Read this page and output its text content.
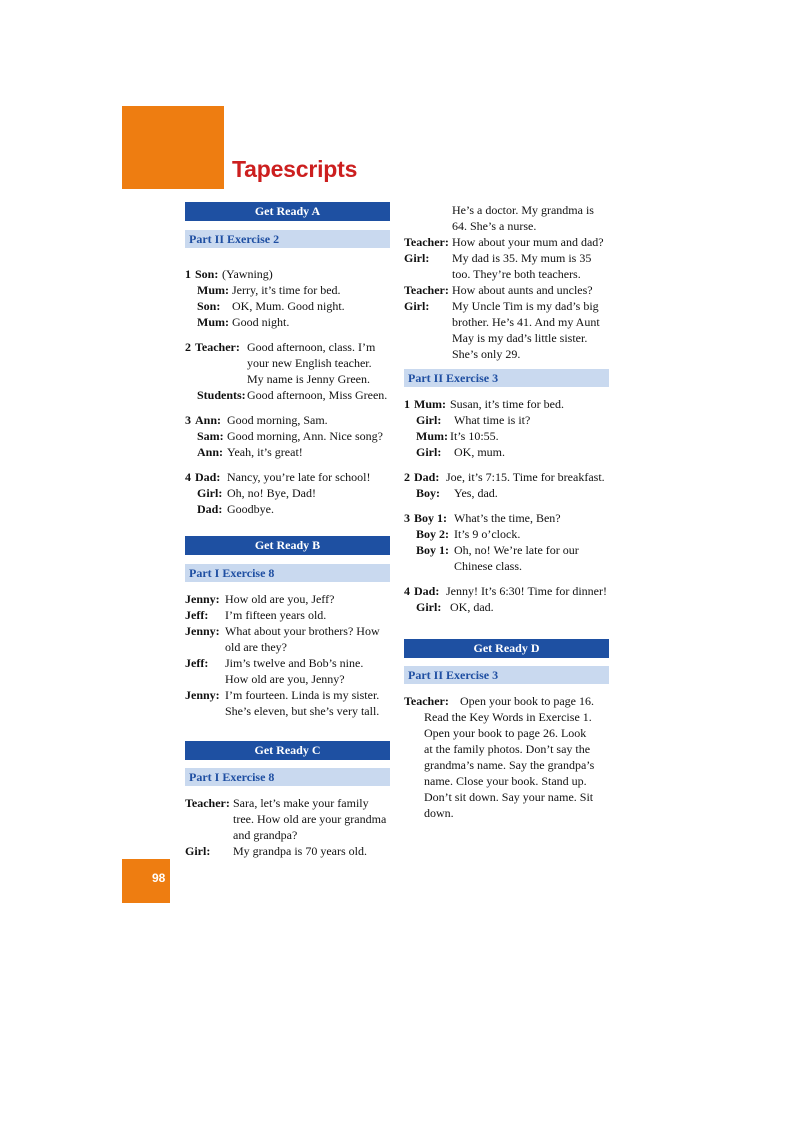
Tapescripts
Get Ready A
Part II Exercise 2
1 Son: (Yawning)
Mum: Jerry, it’s time for bed.
Son: OK, Mum. Good night.
Mum: Good night.
2 Teacher: Good afternoon, class. I’m
your new English teacher.
My name is Jenny Green.
Students: Good afternoon, Miss Green.
3 Ann: Good morning, Sam.
Sam: Good morning, Ann. Nice song?
Ann: Yeah, it’s great!
4 Dad: Nancy, you’re late for school!
Girl: Oh, no! Bye, Dad!
Dad: Goodbye.
Get Ready B
Part I Exercise 8
Jenny: How old are you, Jeff?
Jeff: I’m fifteen years old.
Jenny: What about your brothers? How
old are they?
Jeff: Jim’s twelve and Bob’s nine.
How old are you, Jenny?
Jenny: I’m fourteen. Linda is my sister.
She’s eleven, but she’s very tall.
Get Ready C
Part I Exercise 8
Teacher: Sara, let’s make your family
tree. How old are your grandma
and grandpa?
Girl: My grandpa is 70 years old.
He’s a doctor. My grandma is
64. She’s a nurse.
Teacher: How about your mum and dad?
Girl: My dad is 35. My mum is 35
too. They’re both teachers.
Teacher: How about aunts and uncles?
Girl: My Uncle Tim is my dad’s big
brother. He’s 41. And my Aunt
May is my dad’s little sister.
She’s only 29.
Part II Exercise 3
1 Mum: Susan, it’s time for bed.
Girl: What time is it?
Mum: It’s 10:55.
Girl: OK, mum.
2 Dad: Joe, it’s 7:15. Time for breakfast.
Boy: Yes, dad.
3 Boy 1: What’s the time, Ben?
Boy 2: It’s 9 o’clock.
Boy 1: Oh, no! We’re late for our
Chinese class.
4 Dad: Jenny! It’s 6:30! Time for dinner!
Girl: OK, dad.
Get Ready D
Part II Exercise 3
Teacher: Open your book to page 16.
Read the Key Words in Exercise 1.
Open your book to page 26. Look
at the family photos. Don’t say the
grandma’s name. Say the grandpa’s
name. Close your book. Stand up.
Don’t sit down. Say your name. Sit
down.
98
